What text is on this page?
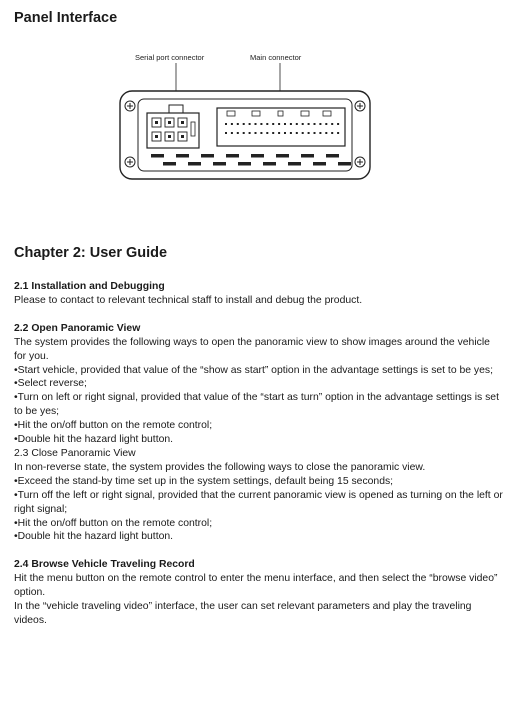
Panel Interface
Serial port connector	Main connector
Chapter 2: User Guide

2.1 Installation and Debugging

Please to contact to relevant technical staff to install and debug the product.

2.2 Open Panoramic View

The system provides the following ways to open the panoramic view to show images around the vehicle for you.

•Start vehicle, provided that value of the “show as start” option in the advantage settings is set to be yes;

•Select reverse;

•Turn on left or right signal, provided that value of the “start as turn” option in the advantage settings is set to be yes;

•Hit the on/off button on the remote control;

•Double hit the hazard light button.

2.3 Close Panoramic View

In non-reverse state, the system provides the following ways to close the panoramic view.

•Exceed the stand-by time set up in the system settings, default being 15 seconds;

•Turn off the left or right signal, provided that the current panoramic view is opened as turning on the left or right signal;

•Hit the on/off button on the remote control;

•Double hit the hazard light button.

2.4 Browse Vehicle Traveling Record

Hit the menu button on the remote control to enter the menu interface, and then select the “browse video” option.

In the “vehicle traveling video” interface, the user can set relevant parameters and play the traveling videos.
